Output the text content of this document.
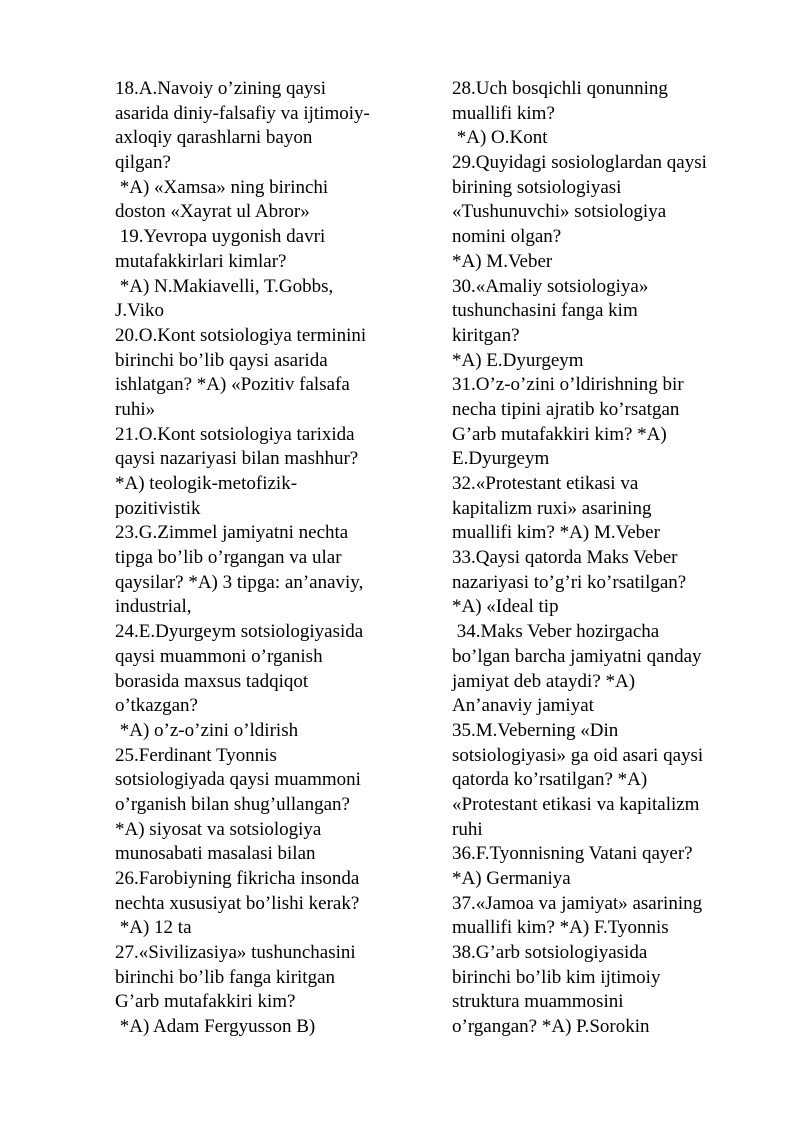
18.A.Navoiy o’zining qaysi
asarida diniy-falsafiy va ijtimoiy-
axloqiy qarashlarni bayon
qilgan?
*A) «Xamsa» ning birinchi
doston «Xayrat ul Abror»
19.Yevropa uygonish davri
mutafakkirlari kimlar?
*A) N.Makiavelli, T.Gobbs,
J.Viko
20.O.Kont sotsiologiya terminini
birinchi bo’lib qaysi asarida
ishlatgan? *A) «Pozitiv falsafa
ruhi»
21.O.Kont sotsiologiya tarixida
qaysi nazariyasi bilan mashhur?
*A) teologik-metofizik-
pozitivistik
23.G.Zimmel jamiyatni nechta
tipga bo’lib o’rgangan va ular
qaysilar? *A) 3 tipga: an’anaviy,
industrial,
24.E.Dyurgeym sotsiologiyasida
qaysi muammoni o’rganish
borasida maxsus tadqiqot
o’tkazgan?
*A) o’z-o’zini o’ldirish
25.Ferdinant Tyonnis
sotsiologiyada qaysi muammoni
o’rganish bilan shug’ullangan?
*A) siyosat va sotsiologiya
munosabati masalasi bilan
26.Farobiyning fikricha insonda
nechta xususiyat bo’lishi kerak?
*A) 12 ta
27.«Sivilizasiya» tushunchasini
birinchi bo’lib fanga kiritgan
G’arb mutafakkiri kim?
*A) Adam Fergyusson B)
28.Uch bosqichli qonunning
muallifi kim?
*A) O.Kont
29.Quyidagi sosiologlardan qaysi
birining sotsiologiyasi
«Tushunuvchi» sotsiologiya
nomini olgan?
*A) M.Veber
30.«Amaliy sotsiologiya»
tushunchasini fanga kim
kiritgan?
*A) E.Dyurgeym
31.O’z-o’zini o’ldirishning bir
necha tipini ajratib ko’rsatgan
G’arb mutafakkiri kim? *A)
E.Dyurgeym
32.«Protestant etikasi va
kapitalizm ruxi» asarining
muallifi kim? *A) M.Veber
33.Qaysi qatorda Maks Veber
nazariyasi to’g’ri ko’rsatilgan?
*A) «Ideal tip
34.Maks Veber hozirgacha
bo’lgan barcha jamiyatni qanday
jamiyat deb ataydi? *A)
An’anaviy jamiyat
35.M.Veberning «Din
sotsiologiyasi» ga oid asari qaysi
qatorda ko’rsatilgan? *A)
«Protestant etikasi va kapitalizm
ruhi
36.F.Tyonnisning Vatani qayer?
*A) Germaniya
37.«Jamoa va jamiyat» asarining
muallifi kim? *A) F.Tyonnis
38.G’arb sotsiologiyasida
birinchi bo’lib kim ijtimoiy
struktura muammosini
o’rgangan? *A) P.Sorokin
